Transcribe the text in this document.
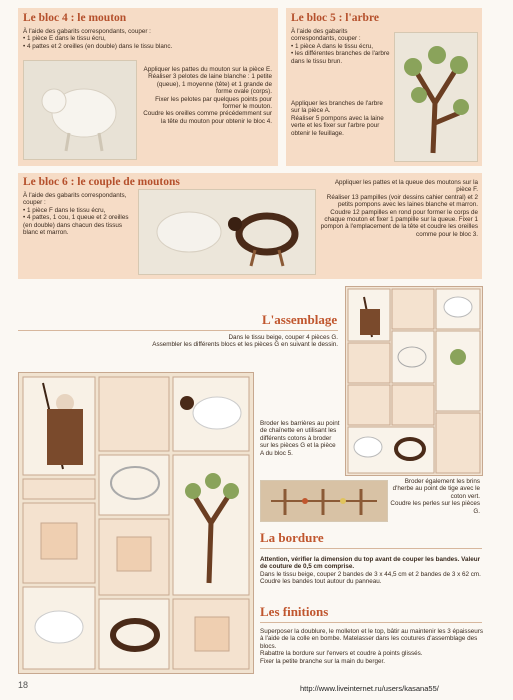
Le bloc 4 : le mouton
À l'aide des gabarits correspondants, couper :
• 1 pièce E dans le tissu écru,
• 4 pattes et 2 oreilles (en double) dans le tissu blanc.
Appliquer les pattes du mouton sur la pièce E.
Réaliser 3 pelotes de laine blanche : 1 petite (queue), 1 moyenne (tête) et 1 grande de forme ovale (corps).
Fixer les pelotes par quelques points pour former le mouton.
Coudre les oreilles comme précédemment sur la tête du mouton pour obtenir le bloc 4.
Le bloc 5 : l'arbre
À l'aide des gabarits correspondants, couper :
• 1 pièce A dans le tissu écru,
• les différentes branches de l'arbre dans le tissu brun.
Appliquer les branches de l'arbre sur la pièce A.
Réaliser 5 pompons avec la laine verte et les fixer sur l'arbre pour obtenir le feuillage.
Le bloc 6 : le couple de moutons
À l'aide des gabarits correspondants, couper :
• 1 pièce F dans le tissu écru,
• 4 pattes, 1 cou, 1 queue et 2 oreilles (en double) dans chacun des tissus blanc et marron.
Appliquer les pattes et la queue des moutons sur la pièce F.
Réaliser 13 pampilles (voir dessins cahier central) et 2 petits pompons avec les laines blanche et marron.
Coudre 12 pampilles en rond pour former le corps de chaque mouton et fixer 1 pampille sur la queue. Fixer 1 pompon à l'emplacement de la tête et coudre les oreilles comme pour le bloc 3.
L'assemblage
Dans le tissu beige, couper 4 pièces G.
Assembler les différents blocs et les pièces G en suivant le dessin.
Broder les barrières au point de chaînette en utilisant les différents cotons à broder sur les pièces G et la pièce A du bloc 5.
Broder également les brins d'herbe au point de tige avec le coton vert.
Coudre les perles sur les pièces G.
La bordure
Attention, vérifier la dimension du top avant de couper les bandes. Valeur de couture de 0,5 cm comprise.
Dans le tissu beige, couper 2 bandes de 3 x 44,5 cm et 2 bandes de 3 x 62 cm. Coudre les bandes tout autour du panneau.
Les finitions
Superposer la doublure, le molleton et le top, bâtir au maintenir les 3 épaisseurs à l'aide de la colle en bombe. Matelasser dans les coutures d'assemblage des blocs.
Rabattre la bordure sur l'envers et coudre à points glissés.
Fixer la petite branche sur la main du berger.
18	http://www.liveinternet.ru/users/kasana55/
